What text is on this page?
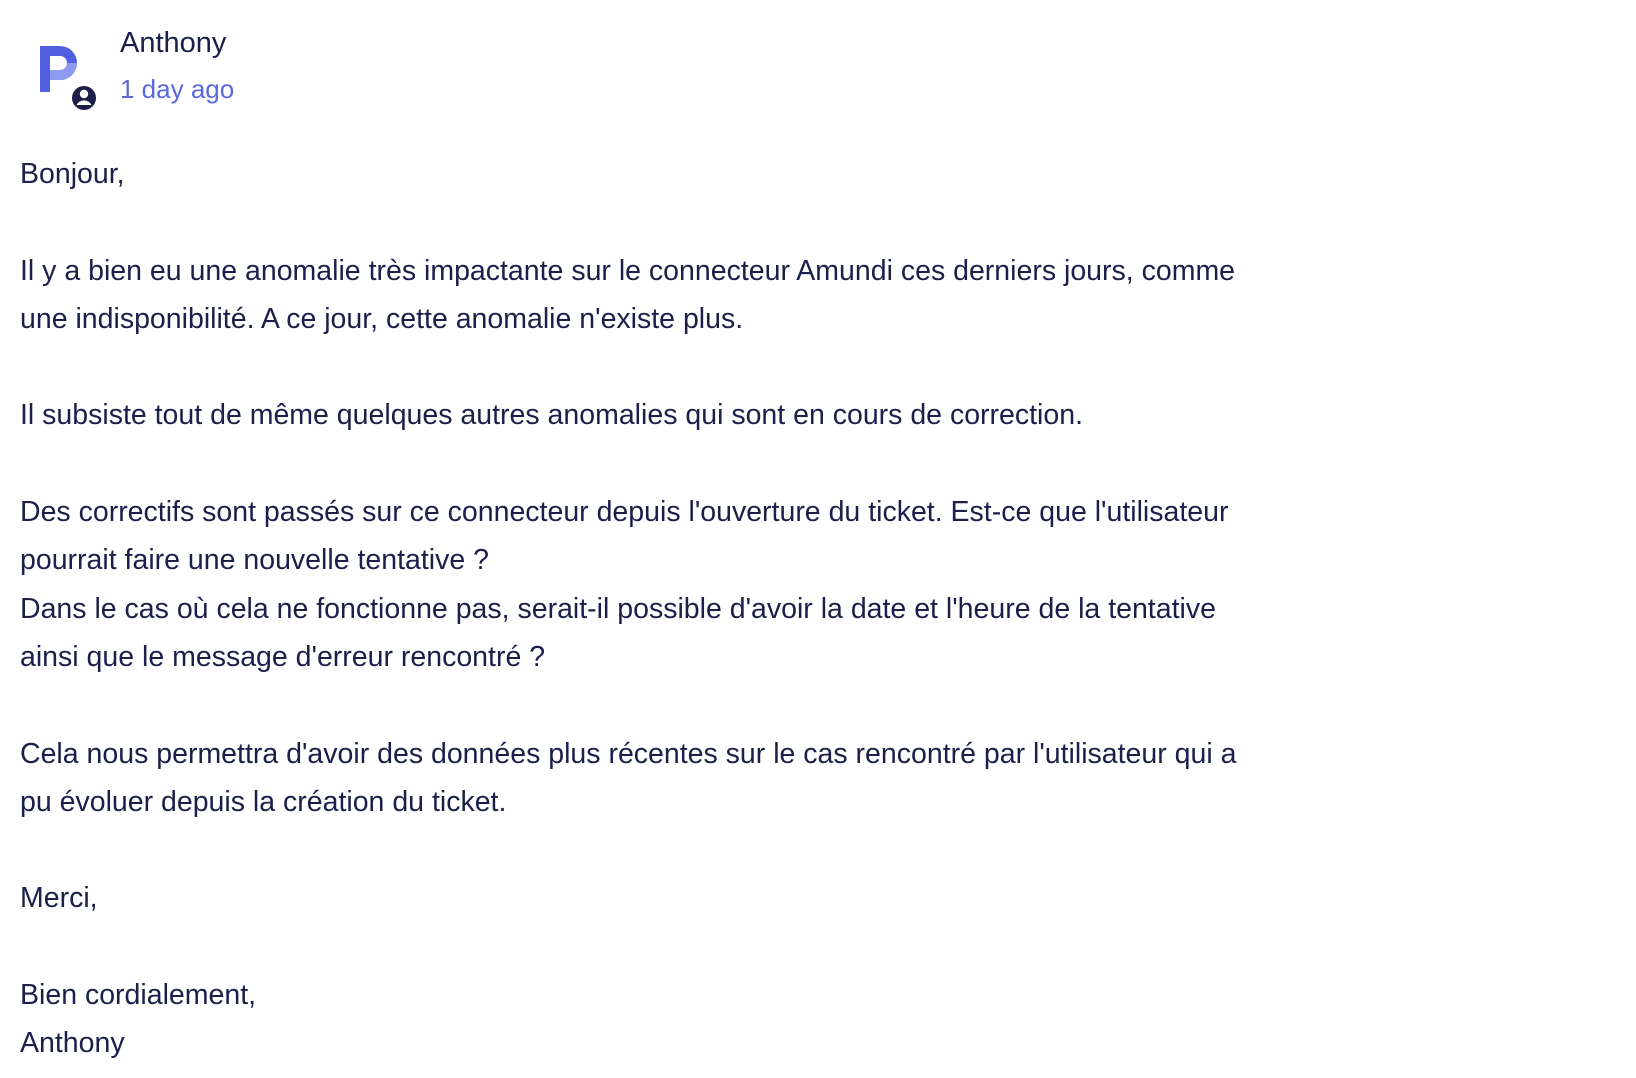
Anthony
1 day ago
Bonjour,
Il y a bien eu une anomalie très impactante sur le connecteur Amundi ces derniers jours, comme
une indisponibilité. A ce jour, cette anomalie n'existe plus.
Il subsiste tout de même quelques autres anomalies qui sont en cours de correction.
Des correctifs sont passés sur ce connecteur depuis l'ouverture du ticket. Est-ce que l'utilisateur
pourrait faire une nouvelle tentative ?
Dans le cas où cela ne fonctionne pas, serait-il possible d'avoir la date et l'heure de la tentative
ainsi que le message d'erreur rencontré ?
Cela nous permettra d'avoir des données plus récentes sur le cas rencontré par l'utilisateur qui a
pu évoluer depuis la création du ticket.
Merci,
Bien cordialement,
Anthony
